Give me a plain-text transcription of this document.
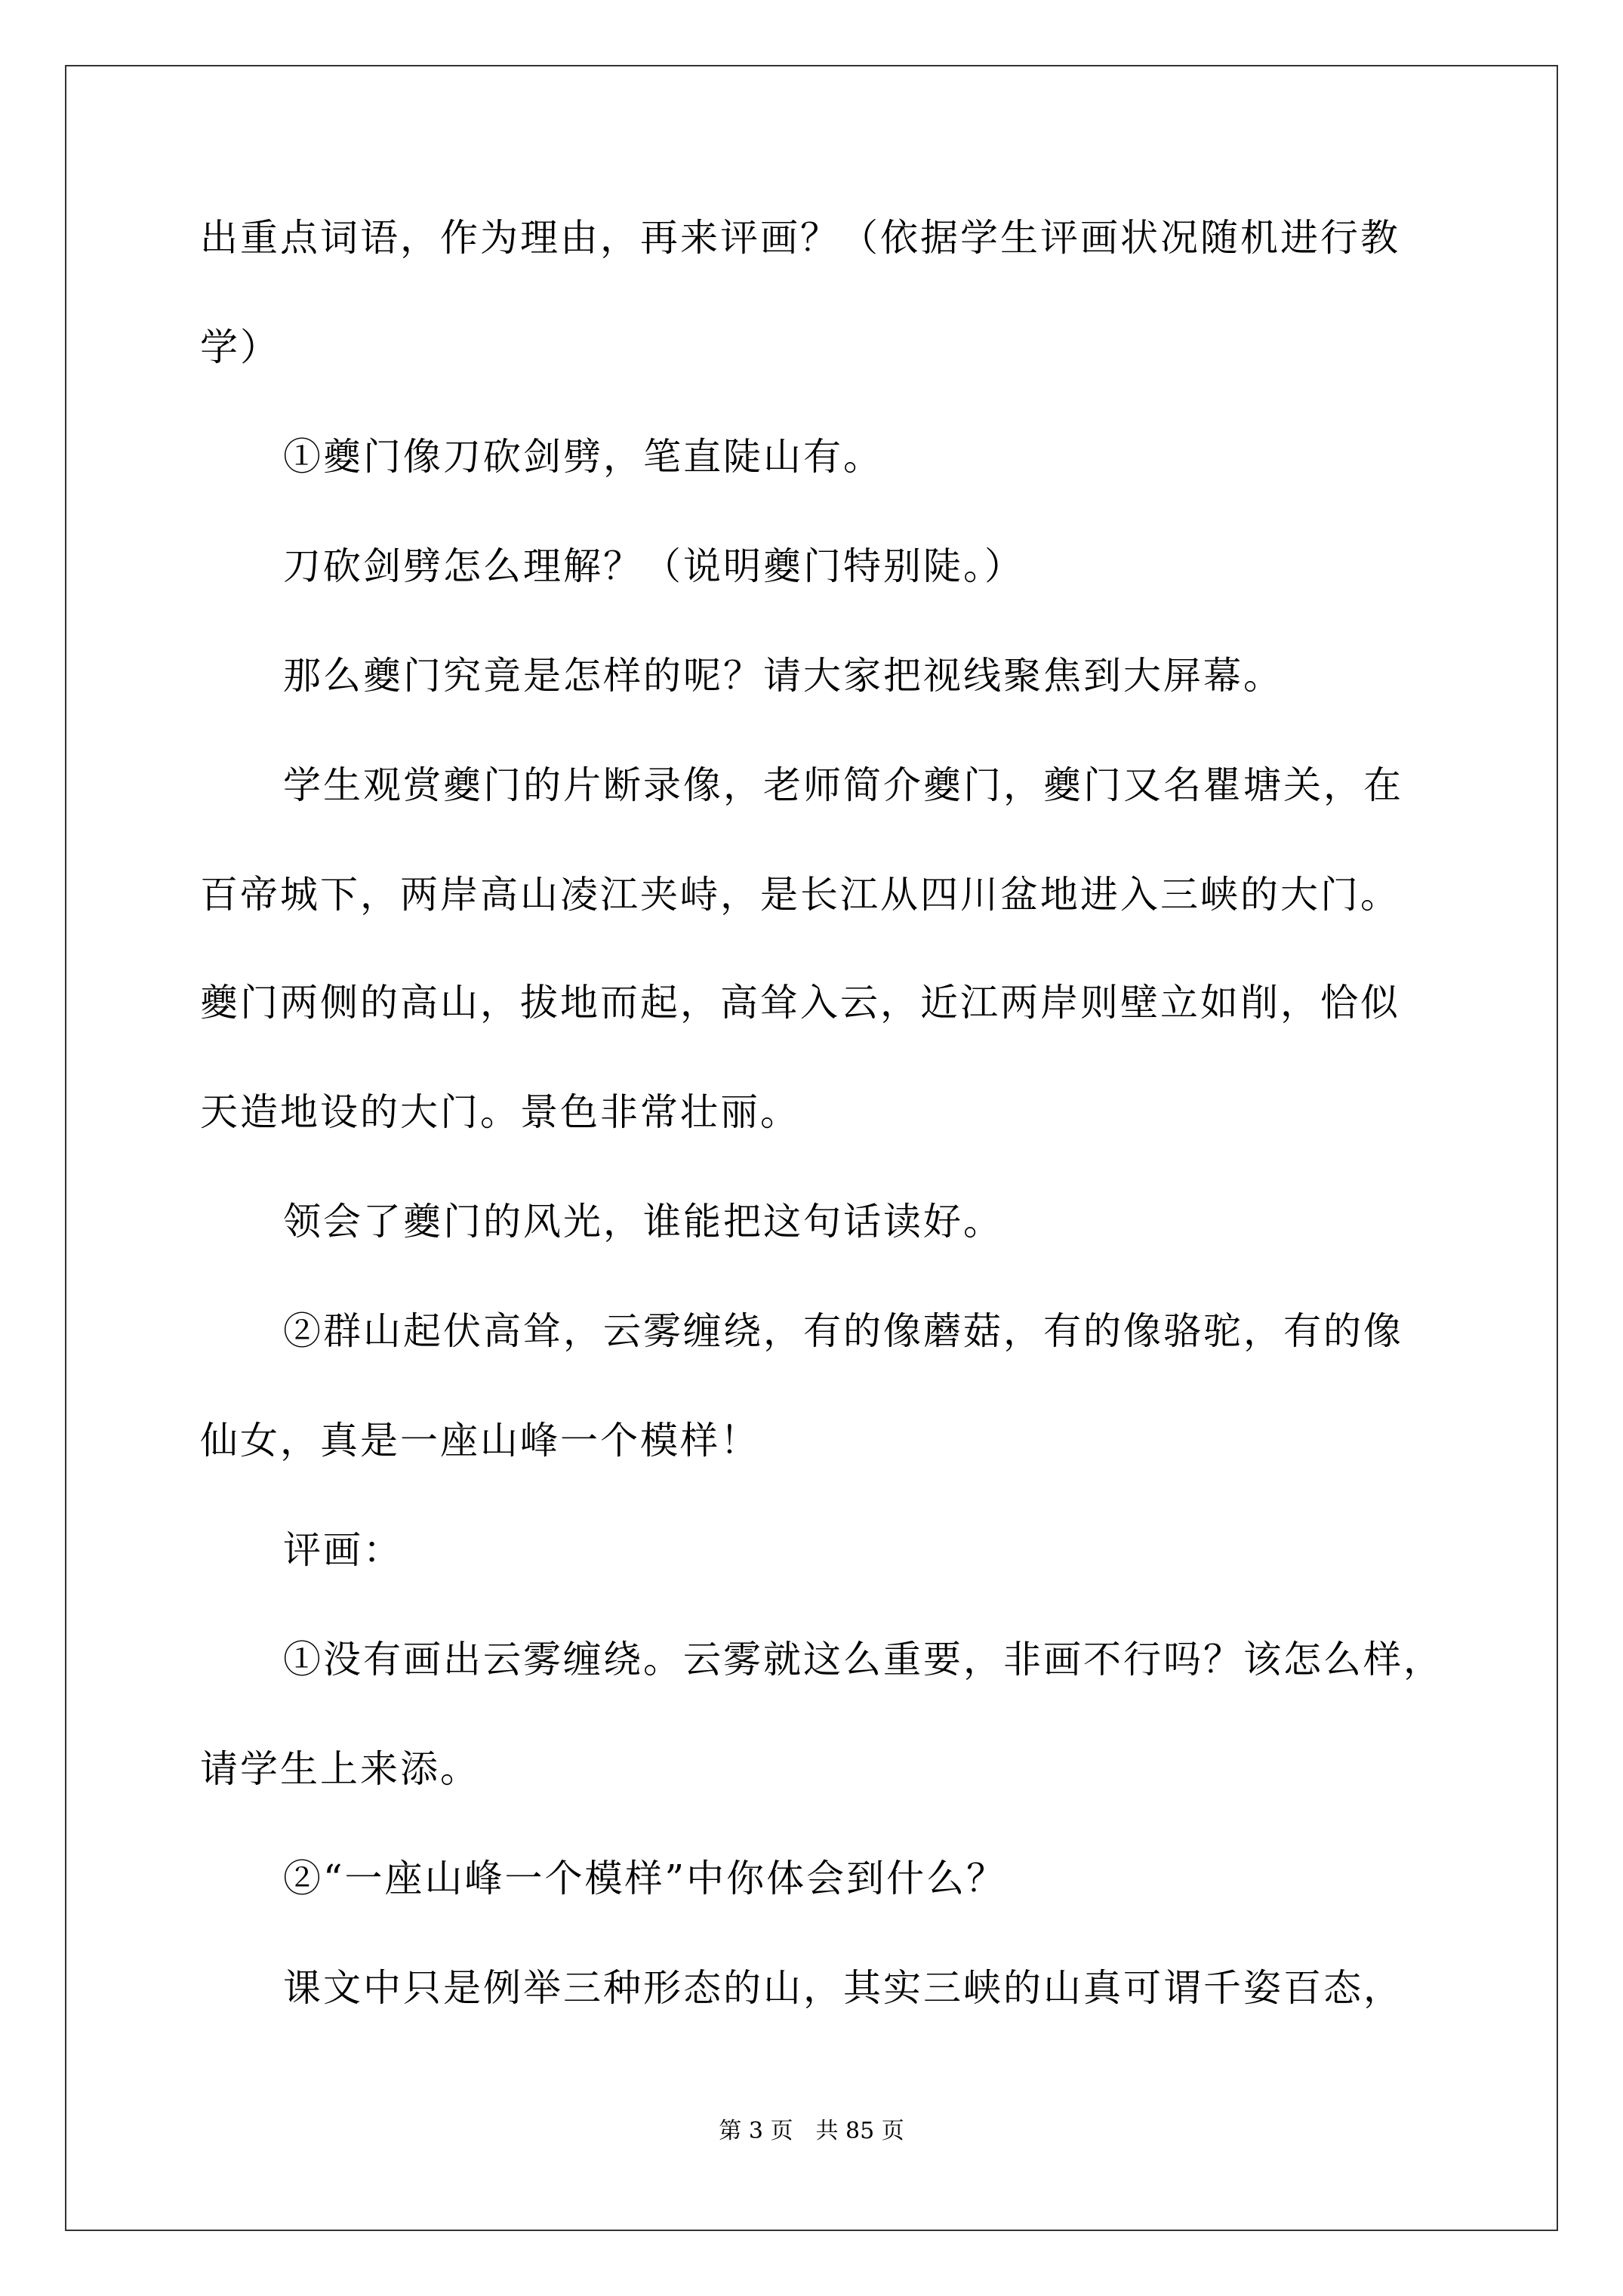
出重点词语，作为理由，再来评画？（依据学生评画状况随机进行教
学）
①夔门像刀砍剑劈，笔直陡山有。
刀砍剑劈怎么理解？（说明夔门特别陡。）
那么夔门究竟是怎样的呢？请大家把视线聚焦到大屏幕。
学生观赏夔门的片断录像，老师简介夔门，夔门又名瞿塘关，在
百帝城下，两岸高山凌江夹峙，是长江从四川盆地进入三峡的大门。
夔门两侧的高山，拔地而起，高耸入云，近江两岸则壁立如削，恰似
天造地设的大门。景色非常壮丽。
领会了夔门的风光，谁能把这句话读好。
②群山起伏高耸，云雾缠绕，有的像蘑菇，有的像骆驼，有的像
仙女，真是一座山峰一个模样！
评画：
①没有画出云雾缠绕。云雾就这么重要，非画不行吗？该怎么样，
请学生上来添。
②“一座山峰一个模样”中你体会到什么？
课文中只是例举三种形态的山，其实三峡的山真可谓千姿百态，
第 3 页 共 85 页
